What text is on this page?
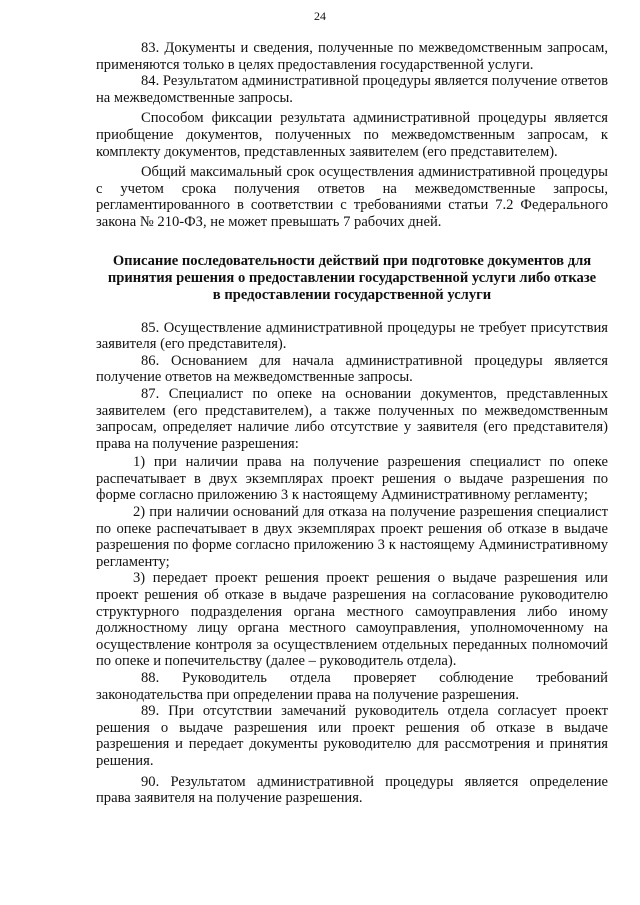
24

83. Документы и сведения, полученные по межведомственным запросам, применяются только в целях предоставления государственной услуги.

84. Результатом административной процедуры является получение ответов на межведомственные запросы.

Способом фиксации результата административной процедуры является приобщение документов, полученных по межведомственным запросам, к комплекту документов, представленных заявителем (его представителем).

Общий максимальный срок осуществления административной процедуры с учетом срока получения ответов на межведомственные запросы, регламентированного в соответствии с требованиями статьи 7.2 Федерального закона № 210-ФЗ, не может превышать 7 рабочих дней.

Описание последовательности действий при подготовке документов для
принятия решения о предоставлении государственной услуги либо отказе
в предоставлении государственной услуги

85. Осуществление административной процедуры не требует присутствия заявителя (его представителя).

86. Основанием для начала административной процедуры является получение ответов на межведомственные запросы.

87. Специалист по опеке на основании документов, представленных заявителем (его представителем), а также полученных по межведомственным запросам, определяет наличие либо отсутствие у заявителя (его представителя) права на получение разрешения:

1) при наличии права на получение разрешения специалист по опеке распечатывает в двух экземплярах проект решения о выдаче разрешения по форме согласно приложению 3 к настоящему Административному регламенту;

2) при наличии оснований для отказа на получение разрешения специалист по опеке распечатывает в двух экземплярах проект решения об отказе в выдаче разрешения по форме согласно приложению 3 к настоящему Административному регламенту;

3) передает проект решения проект решения о выдаче разрешения или проект решения об отказе в выдаче разрешения на согласование руководителю структурного подразделения органа местного самоуправления либо иному должностному лицу органа местного самоуправления, уполномоченному на осуществление контроля за осуществлением отдельных переданных полномочий по опеке и попечительству (далее – руководитель отдела).

88. Руководитель отдела проверяет соблюдение требований законодательства при определении права на получение разрешения.

89. При отсутствии замечаний руководитель отдела согласует проект решения о выдаче разрешения или проект решения об отказе в выдаче разрешения и передает документы руководителю для рассмотрения и принятия решения.

90. Результатом административной процедуры является определение права заявителя на получение разрешения.
